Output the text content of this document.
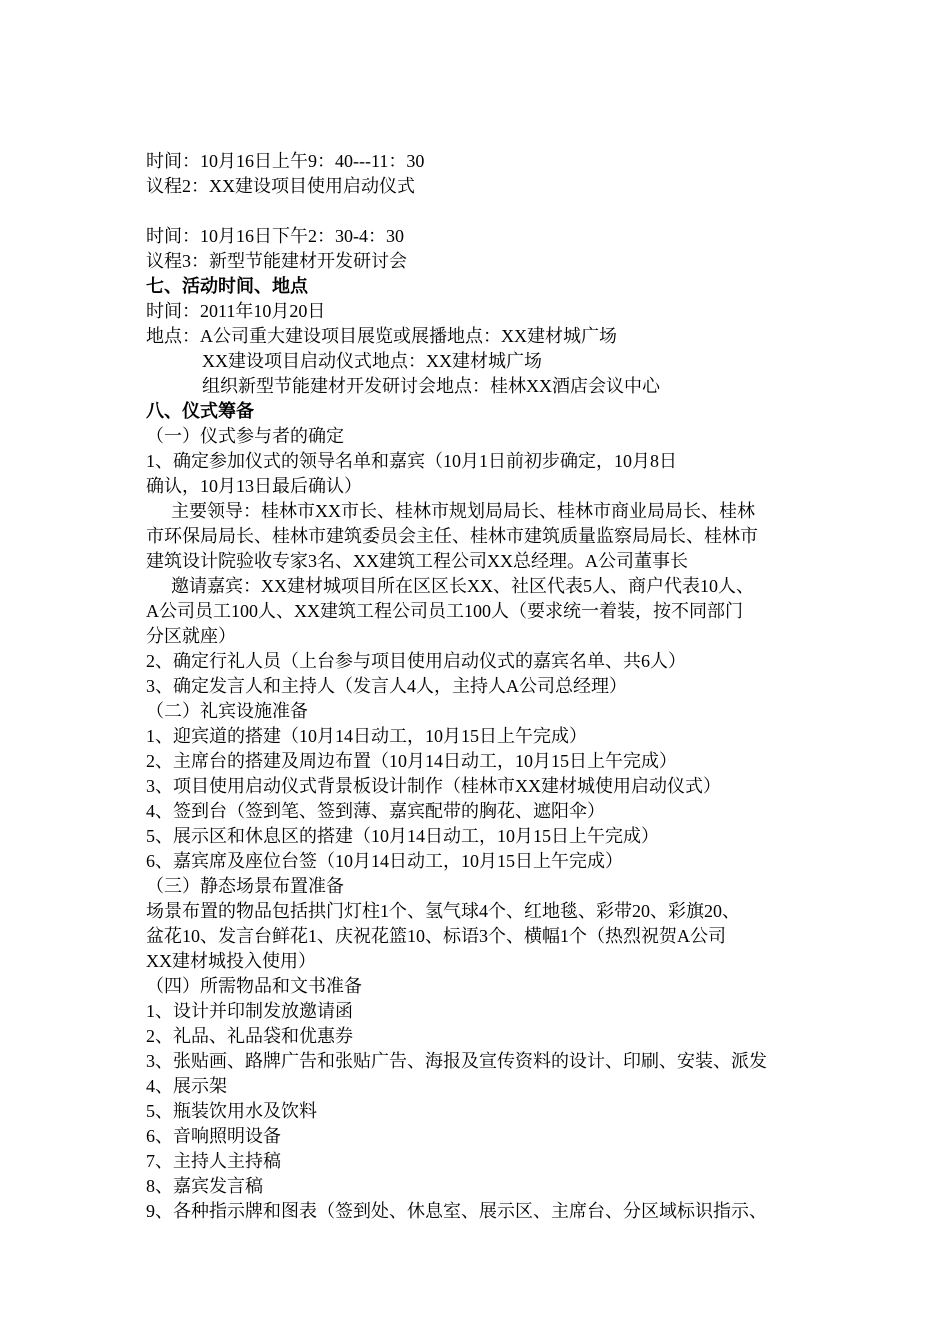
时间：10月16日上午9：40---11：30
议程2：XX建设项目使用启动仪式
时间：10月16日下午2：30-4：30
议程3：新型节能建材开发研讨会
七、活动时间、地点
时间：2011年10月20日
地点：A公司重大建设项目展览或展播地点：XX建材城广场
XX建设项目启动仪式地点：XX建材城广场
组织新型节能建材开发研讨会地点：桂林XX酒店会议中心
八、仪式筹备
（一）仪式参与者的确定
1、确定参加仪式的领导名单和嘉宾（10月1日前初步确定，10月8日
确认，10月13日最后确认）
主要领导：桂林市XX市长、桂林市规划局局长、桂林市商业局局长、桂林
市环保局局长、桂林市建筑委员会主任、桂林市建筑质量监察局局长、桂林市
建筑设计院验收专家3名、XX建筑工程公司XX总经理。A公司董事长
邀请嘉宾：XX建材城项目所在区区长XX、社区代表5人、商户代表10人、
A公司员工100人、XX建筑工程公司员工100人（要求统一着装，按不同部门
分区就座）
2、确定行礼人员（上台参与项目使用启动仪式的嘉宾名单、共6人）
3、确定发言人和主持人（发言人4人，主持人A公司总经理）
（二）礼宾设施准备
1、迎宾道的搭建（10月14日动工，10月15日上午完成）
2、主席台的搭建及周边布置（10月14日动工，10月15日上午完成）
3、项目使用启动仪式背景板设计制作（桂林市XX建材城使用启动仪式）
4、签到台（签到笔、签到薄、嘉宾配带的胸花、遮阳伞）
5、展示区和休息区的搭建（10月14日动工，10月15日上午完成）
6、嘉宾席及座位台签（10月14日动工，10月15日上午完成）
（三）静态场景布置准备
场景布置的物品包括拱门灯柱1个、氢气球4个、红地毯、彩带20、彩旗20、
盆花10、发言台鲜花1、庆祝花篮10、标语3个、横幅1个（热烈祝贺A公司
XX建材城投入使用）
（四）所需物品和文书准备
1、设计并印制发放邀请函
2、礼品、礼品袋和优惠券
3、张贴画、路牌广告和张贴广告、海报及宣传资料的设计、印刷、安装、派发
4、展示架
5、瓶装饮用水及饮料
6、音响照明设备
7、主持人主持稿
8、嘉宾发言稿
9、各种指示牌和图表（签到处、休息室、展示区、主席台、分区域标识指示、
